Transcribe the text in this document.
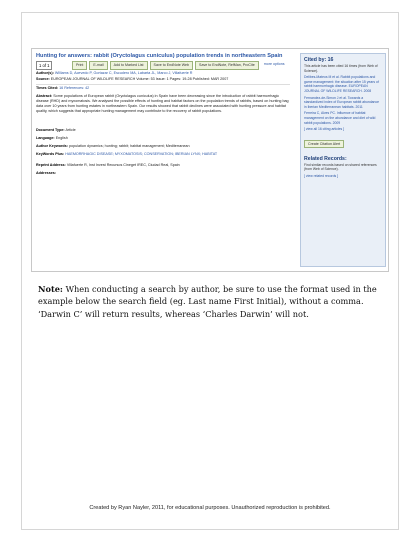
Hunting for answers: rabbit (Oryctolagus cuniculus) population trends in northeastern Spain
1 of 1	Print	E-mail	Add to Marked List	Save to EndNote Web	Save to EndNote, RefMan, ProCite	more options
Author(s): Williams D, Acevedo P, Gortazar C, Escudero MA, Labarta JL, Marco J, Villafuerte R
Source: EUROPEAN JOURNAL OF WILDLIFE RESEARCH Volume: 53 Issue: 1 Pages: 19-28 Published: MAR 2007
Times Cited: 16 References: 42
Abstract: Some populations of European rabbit (Oryctolagus cuniculus) in Spain have been decreasing since the introduction of rabbit haemorrhagic disease (RHD) and myxomatosis. We analysed the possible effects of hunting and habitat factors on the population trends of rabbits, based on hunting bag data over 10 years from hunting estates in northeastern Spain. Our results showed that rabbit declines were associated with hunting pressure and habitat quality, which suggests that appropriate hunting management may contribute to the recovery of rabbit populations.
Document Type: Article
Language: English
Author Keywords: population dynamics; hunting; rabbit; habitat management; Mediterranean
KeyWords Plus: HAEMORRHAGIC DISEASE; MYXOMATOSIS; CONSERVATION; IBERIAN LYNX; HABITAT
Reprint Address: Villafuerte R, Inst Invest Recursos Cineget IREC, Ciudad Real, Spain
Addresses:
Cited by: 16
This article has been cited 16 times (from Web of Science).
Delibes-Mateos M et al. Rabbit populations and game management: the situation after 15 years of rabbit haemorrhagic disease. EUROPEAN JOURNAL OF WILDLIFE RESEARCH. 2008
Fernandez-de-Simon J et al. Towards a standardized index of European rabbit abundance in Iberian Mediterranean habitats. 2011
Ferreira C, Alves PC. Influence of habitat management on the abundance and diet of wild rabbit populations. 2009
[ view all 16 citing articles ]
Create Citation Alert
Related Records:
Find similar records based on shared references (from Web of Science).
[ view related records ]
Note: When conducting a search by author, be sure to use the format used in the example below the search field (eg. Last name First Initial), without a comma. ‘Darwin C’ will return results, whereas ‘Charles Darwin’ will not.
Created by Ryan Nayler, 2011, for educational purposes. Unauthorized reproduction is prohibited.
